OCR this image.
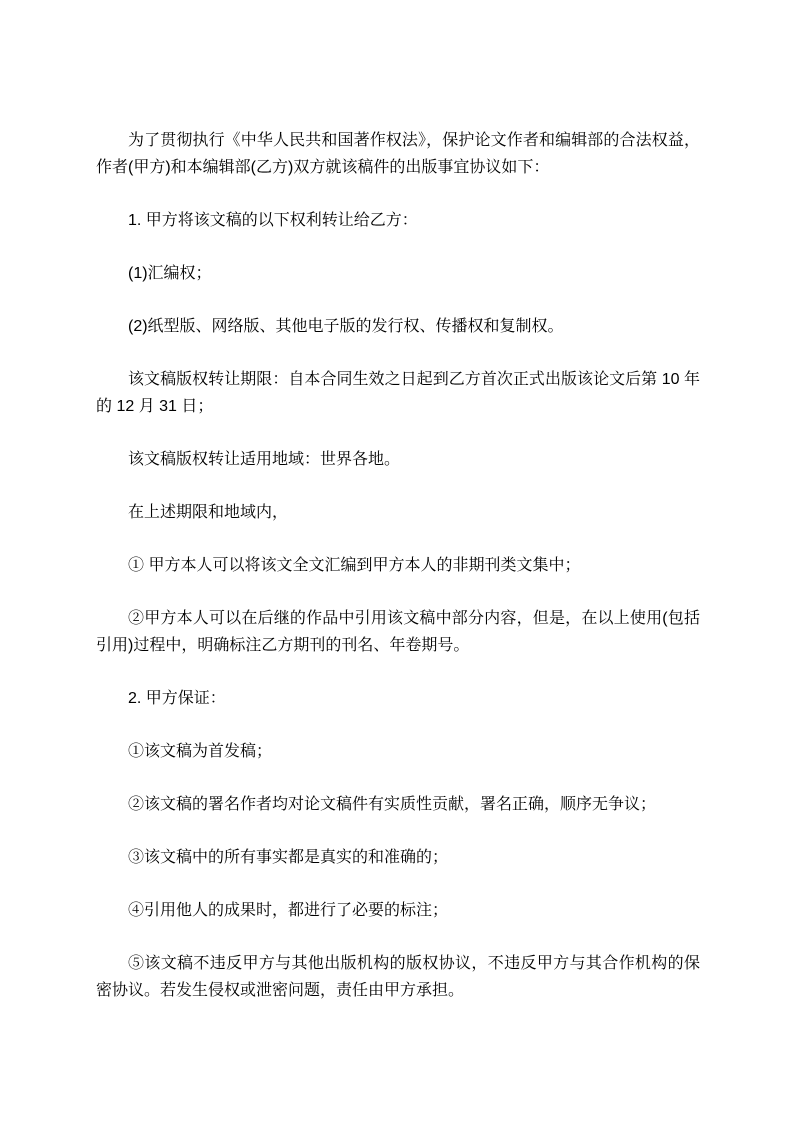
为了贯彻执行《中华人民共和国著作权法》，保护论文作者和编辑部的合法权益，作者(甲方)和本编辑部(乙方)双方就该稿件的出版事宜协议如下：

1. 甲方将该文稿的以下权利转让给乙方：

(1)汇编权；

(2)纸型版、网络版、其他电子版的发行权、传播权和复制权。

该文稿版权转让期限：自本合同生效之日起到乙方首次正式出版该论文后第 10 年的 12 月 31 日；

该文稿版权转让适用地域：世界各地。

在上述期限和地域内，

① 甲方本人可以将该文全文汇编到甲方本人的非期刊类文集中；

②甲方本人可以在后继的作品中引用该文稿中部分内容，但是，在以上使用(包括引用)过程中，明确标注乙方期刊的刊名、年卷期号。

2. 甲方保证：

①该文稿为首发稿；

②该文稿的署名作者均对论文稿件有实质性贡献，署名正确，顺序无争议；

③该文稿中的所有事实都是真实的和准确的；

④引用他人的成果时，都进行了必要的标注；

⑤该文稿不违反甲方与其他出版机构的版权协议，不违反甲方与其合作机构的保密协议。若发生侵权或泄密问题，责任由甲方承担。
